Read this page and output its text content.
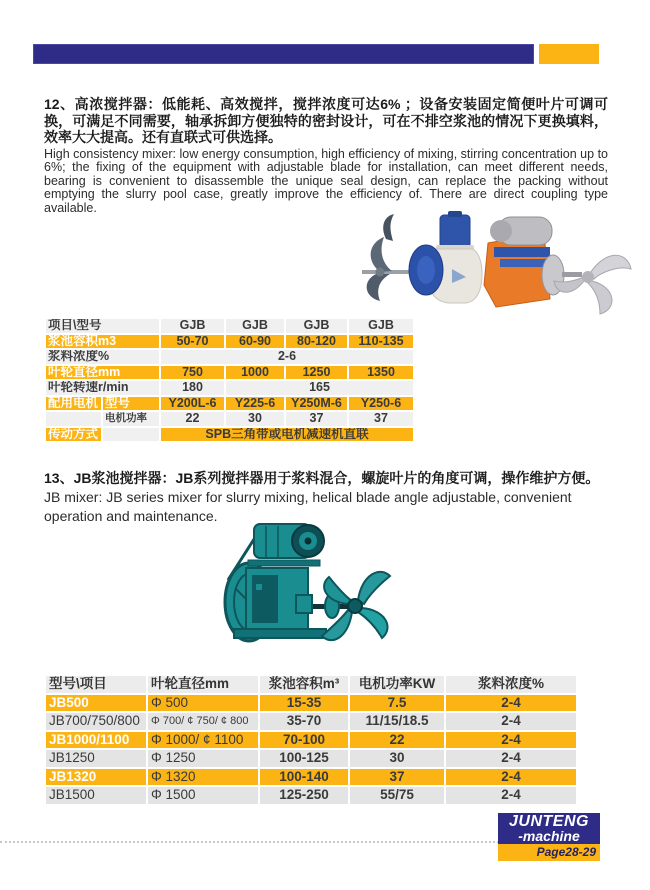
12、高浓搅拌器：低能耗、高效搅拌，搅拌浓度可达6% ；设备安装固定简便叶片可调可换，可满足不同需要，轴承拆卸方便独特的密封设计，可在不排空浆池的情况下更换填料，效率大大提高。还有直联式可供选择。

High consistency mixer: low energy consumption, high efficiency of mixing, stirring concentration up to 6%; the fixing of the equipment with adjustable blade for installation, can meet different needs, bearing is convenient to disassemble the unique seal design, can replace the packing without emptying the slurry pool case, greatly improve the efficiency of. There are direct coupling type available.

项目\型号		GJB	GJB	GJB	GJB
浆池容积m3		50-70	60-90	80-120	110-135
浆料浓度%		2-6			
叶轮直径mm		750	1000	1250	1350
叶轮转速r/min		180	165		
配用电机	型号	Y200L-6	Y225-6	Y250M-6	Y250-6
	电机功率	22	30	37	37
传动方式		SPB三角带或电机减速机直联			

13、JB浆池搅拌器：JB系列搅拌器用于浆料混合，螺旋叶片的角度可调，操作维护方便。

JB mixer: JB series mixer for slurry mixing, helical blade angle adjustable, convenient operation and maintenance.

型号\项目	叶轮直径mm	浆池容积m³	电机功率KW	浆料浓度%
JB500	Φ 500	15-35	7.5	2-4
JB700/750/800	Φ 700/ ¢ 750/ ¢ 800	35-70	11/15/18.5	2-4
JB1000/1100	Φ 1000/ ¢ 1100	70-100	22	2-4
JB1250	Φ 1250	100-125	30	2-4
JB1320	Φ 1320	100-140	37	2-4
JB1500	Φ 1500	125-250	55/75	2-4
JUNTENG
-machine
Page28-29
